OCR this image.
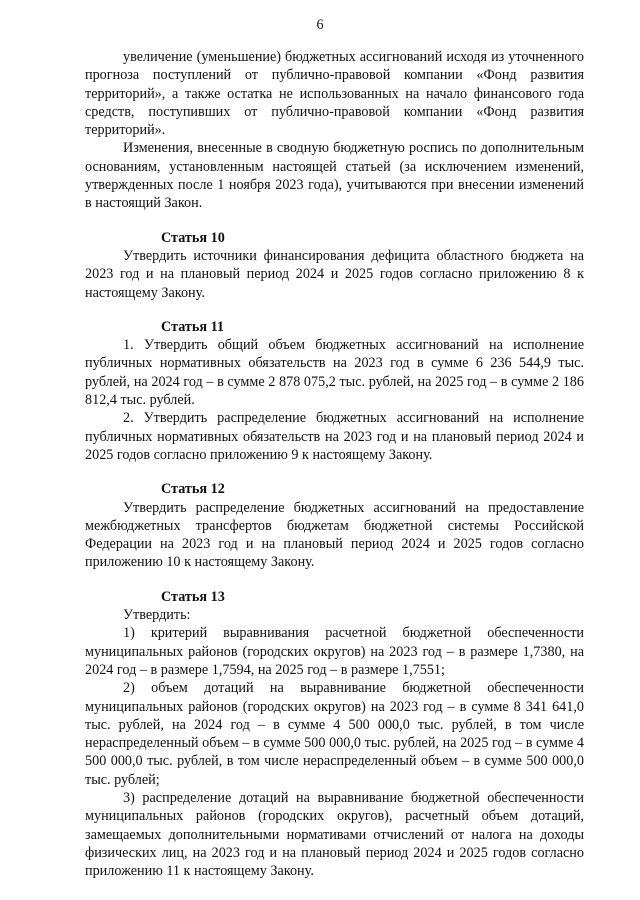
6

увеличение (уменьшение) бюджетных ассигнований исходя из уточненного прогноза поступлений от публично-правовой компании «Фонд развития территорий», а также остатка не использованных на начало финансового года средств, поступивших от публично-правовой компании «Фонд развития территорий».

Изменения, внесенные в сводную бюджетную роспись по дополнительным основаниям, установленным настоящей статьей (за исключением изменений, утвержденных после 1 ноября 2023 года), учитываются при внесении изменений в настоящий Закон.

Статья 10

Утвердить источники финансирования дефицита областного бюджета на 2023 год и на плановый период 2024 и 2025 годов согласно приложению 8 к настоящему Закону.

Статья 11

1. Утвердить общий объем бюджетных ассигнований на исполнение публичных нормативных обязательств на 2023 год в сумме 6 236 544,9 тыс. рублей, на 2024 год – в сумме 2 878 075,2 тыс. рублей, на 2025 год – в сумме 2 186 812,4 тыс. рублей.

2. Утвердить распределение бюджетных ассигнований на исполнение публичных нормативных обязательств на 2023 год и на плановый период 2024 и 2025 годов согласно приложению 9 к настоящему Закону.

Статья 12

Утвердить распределение бюджетных ассигнований на предоставление межбюджетных трансфертов бюджетам бюджетной системы Российской Федерации на 2023 год и на плановый период 2024 и 2025 годов согласно приложению 10 к настоящему Закону.

Статья 13

Утвердить:

1) критерий выравнивания расчетной бюджетной обеспеченности муниципальных районов (городских округов) на 2023 год – в размере 1,7380, на 2024 год – в размере 1,7594, на 2025 год – в размере 1,7551;

2) объем дотаций на выравнивание бюджетной обеспеченности муниципальных районов (городских округов) на 2023 год – в сумме 8 341 641,0 тыс. рублей, на 2024 год – в сумме 4 500 000,0 тыс. рублей, в том числе нераспределенный объем – в сумме 500 000,0 тыс. рублей, на 2025 год – в сумме 4 500 000,0 тыс. рублей, в том числе нераспределенный объем – в сумме 500 000,0 тыс. рублей;

3) распределение дотаций на выравнивание бюджетной обеспеченности муниципальных районов (городских округов), расчетный объем дотаций, замещаемых дополнительными нормативами отчислений от налога на доходы физических лиц, на 2023 год и на плановый период 2024 и 2025 годов согласно приложению 11 к настоящему Закону.
